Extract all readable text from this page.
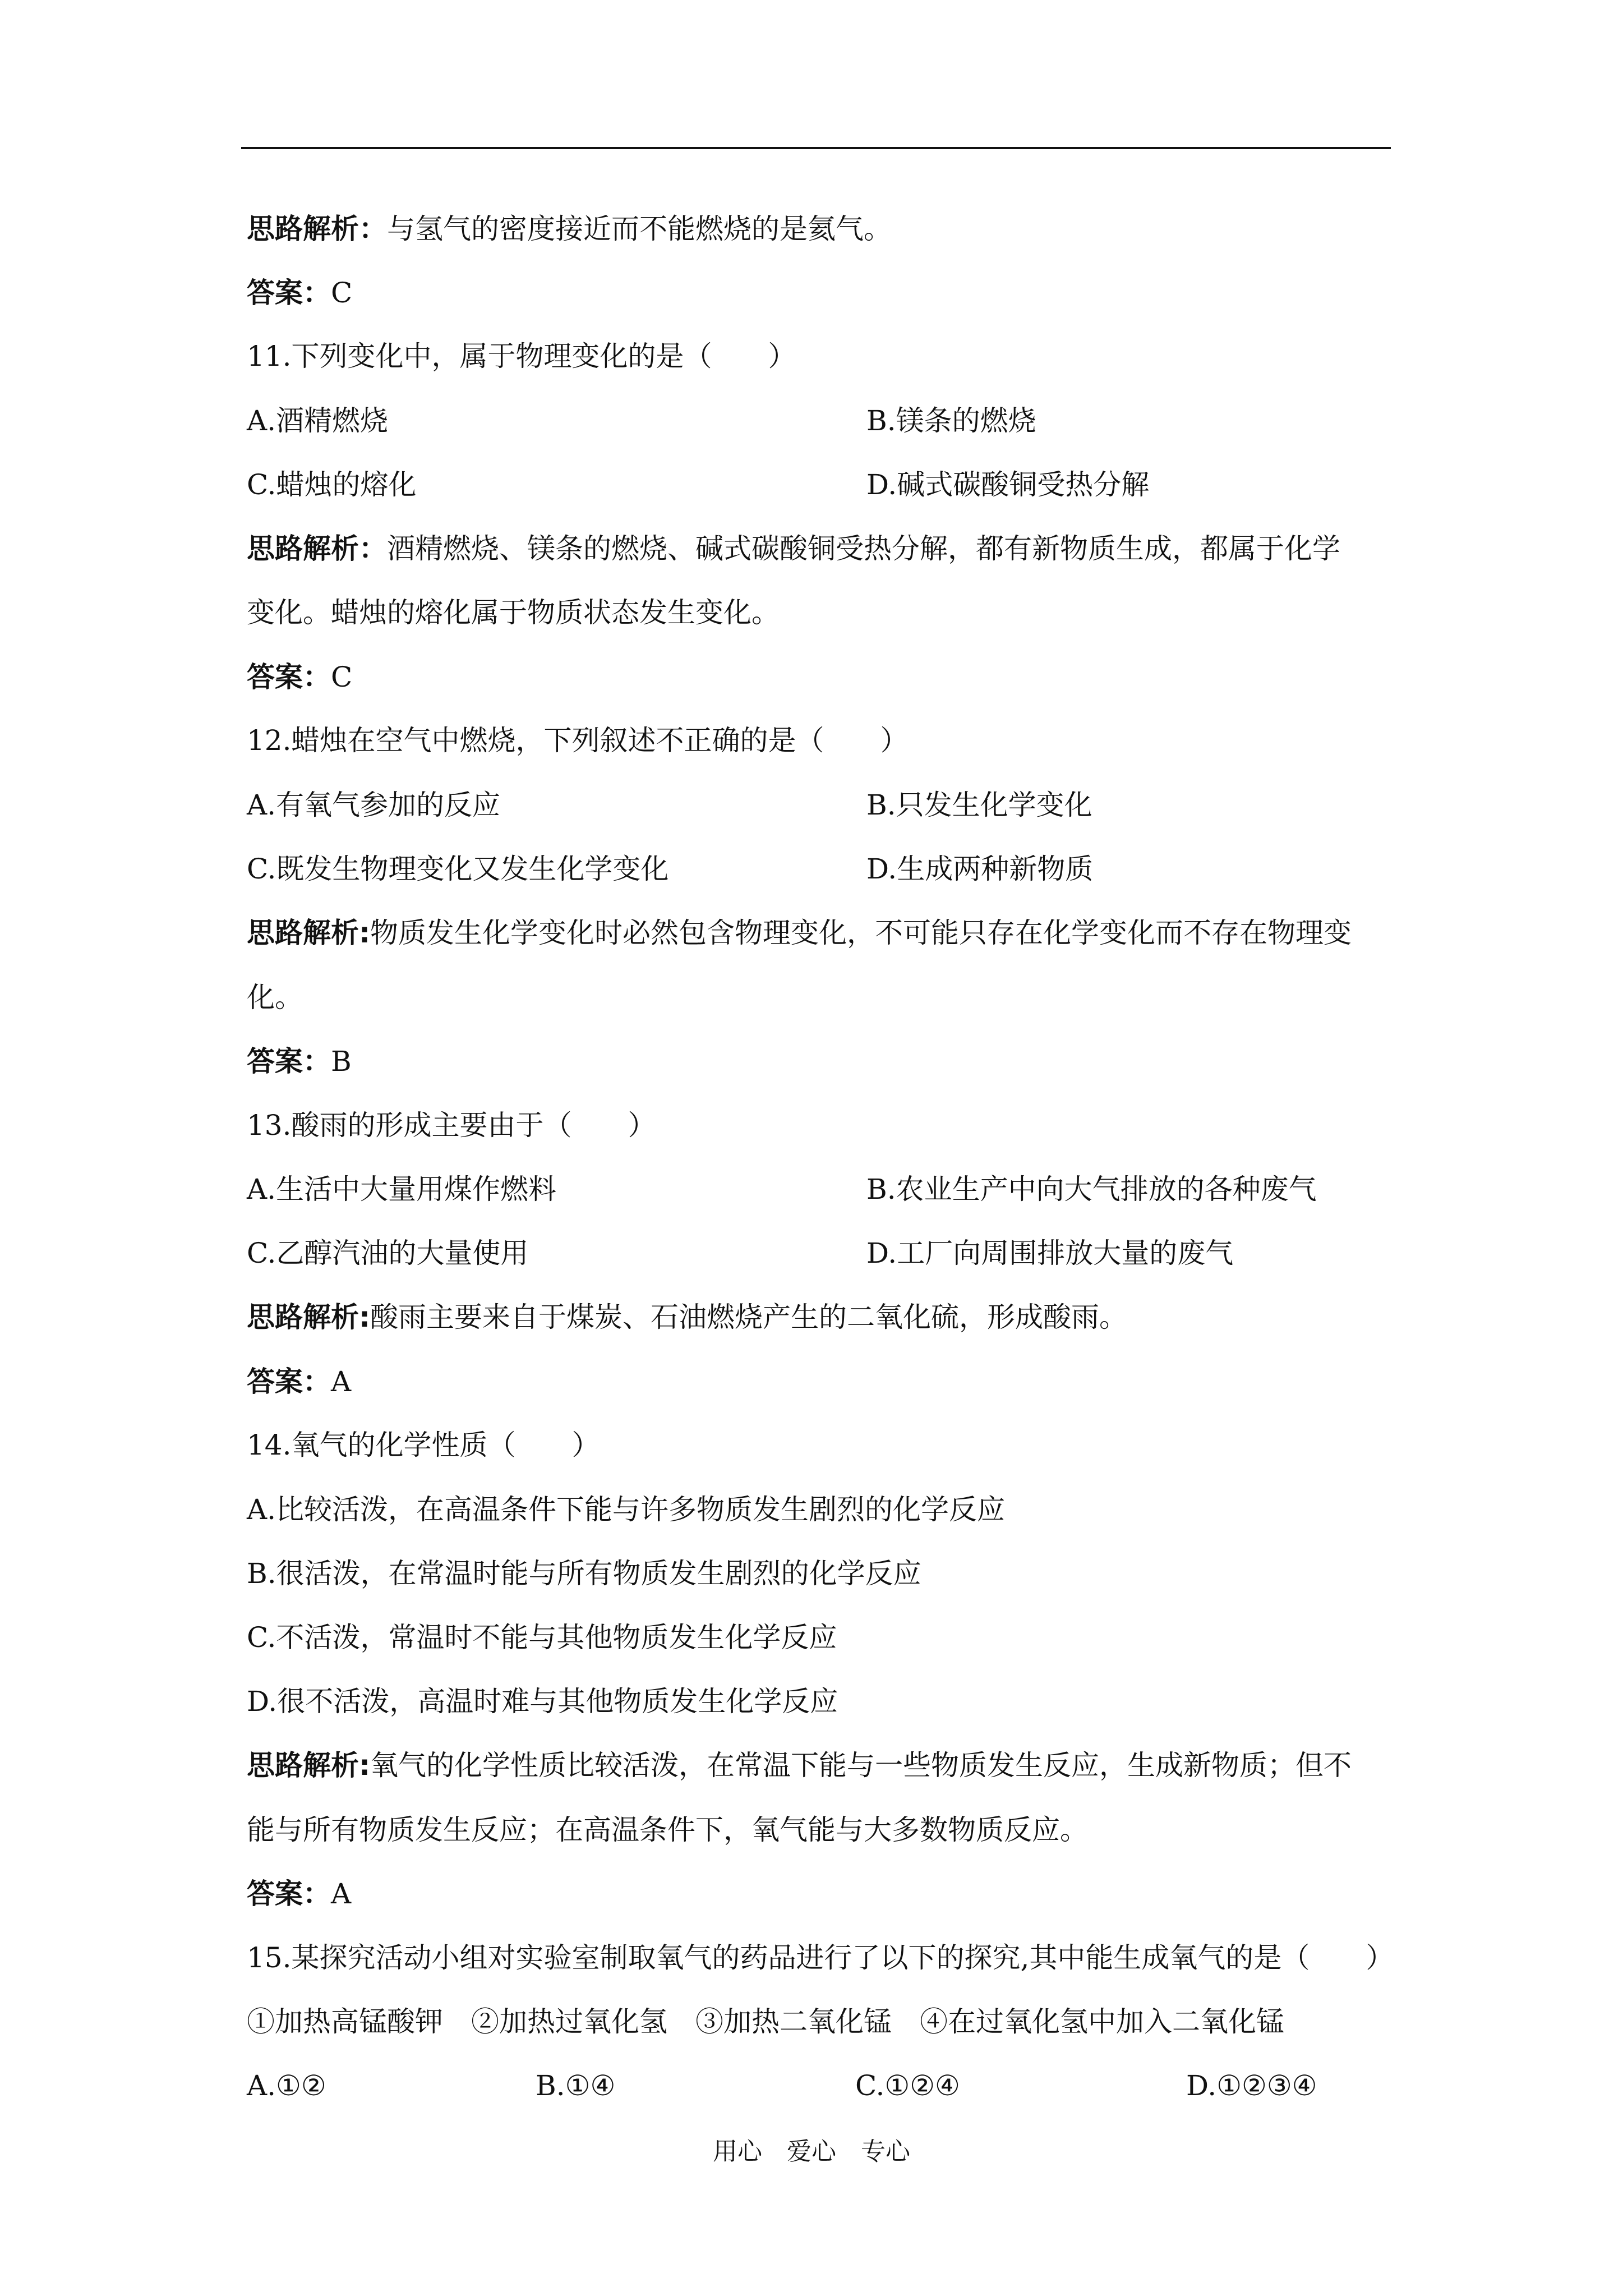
思路解析：与氢气的密度接近而不能燃烧的是氦气。
答案：C
11.下列变化中，属于物理变化的是（　　）
A.酒精燃烧	B.镁条的燃烧
C.蜡烛的熔化	D.碱式碳酸铜受热分解
思路解析：酒精燃烧、镁条的燃烧、碱式碳酸铜受热分解，都有新物质生成，都属于化学
变化。蜡烛的熔化属于物质状态发生变化。
答案：C
12.蜡烛在空气中燃烧，下列叙述不正确的是（　　）
A.有氧气参加的反应	B.只发生化学变化
C.既发生物理变化又发生化学变化	D.生成两种新物质
思路解析:物质发生化学变化时必然包含物理变化，不可能只存在化学变化而不存在物理变
化。
答案：B
13.酸雨的形成主要由于（　　）
A.生活中大量用煤作燃料	B.农业生产中向大气排放的各种废气
C.乙醇汽油的大量使用	D.工厂向周围排放大量的废气
思路解析:酸雨主要来自于煤炭、石油燃烧产生的二氧化硫，形成酸雨。
答案：A
14.氧气的化学性质（　　）
A.比较活泼，在高温条件下能与许多物质发生剧烈的化学反应
B.很活泼，在常温时能与所有物质发生剧烈的化学反应
C.不活泼，常温时不能与其他物质发生化学反应
D.很不活泼，高温时难与其他物质发生化学反应
思路解析:氧气的化学性质比较活泼，在常温下能与一些物质发生反应，生成新物质；但不
能与所有物质发生反应；在高温条件下，氧气能与大多数物质反应。
答案：A
15.某探究活动小组对实验室制取氧气的药品进行了以下的探究,其中能生成氧气的是（　　）
①加热高锰酸钾　②加热过氧化氢　③加热二氧化锰　④在过氧化氢中加入二氧化锰
A.①②	B.①④	C.①②④	D.①②③④
用心　爱心　专心
